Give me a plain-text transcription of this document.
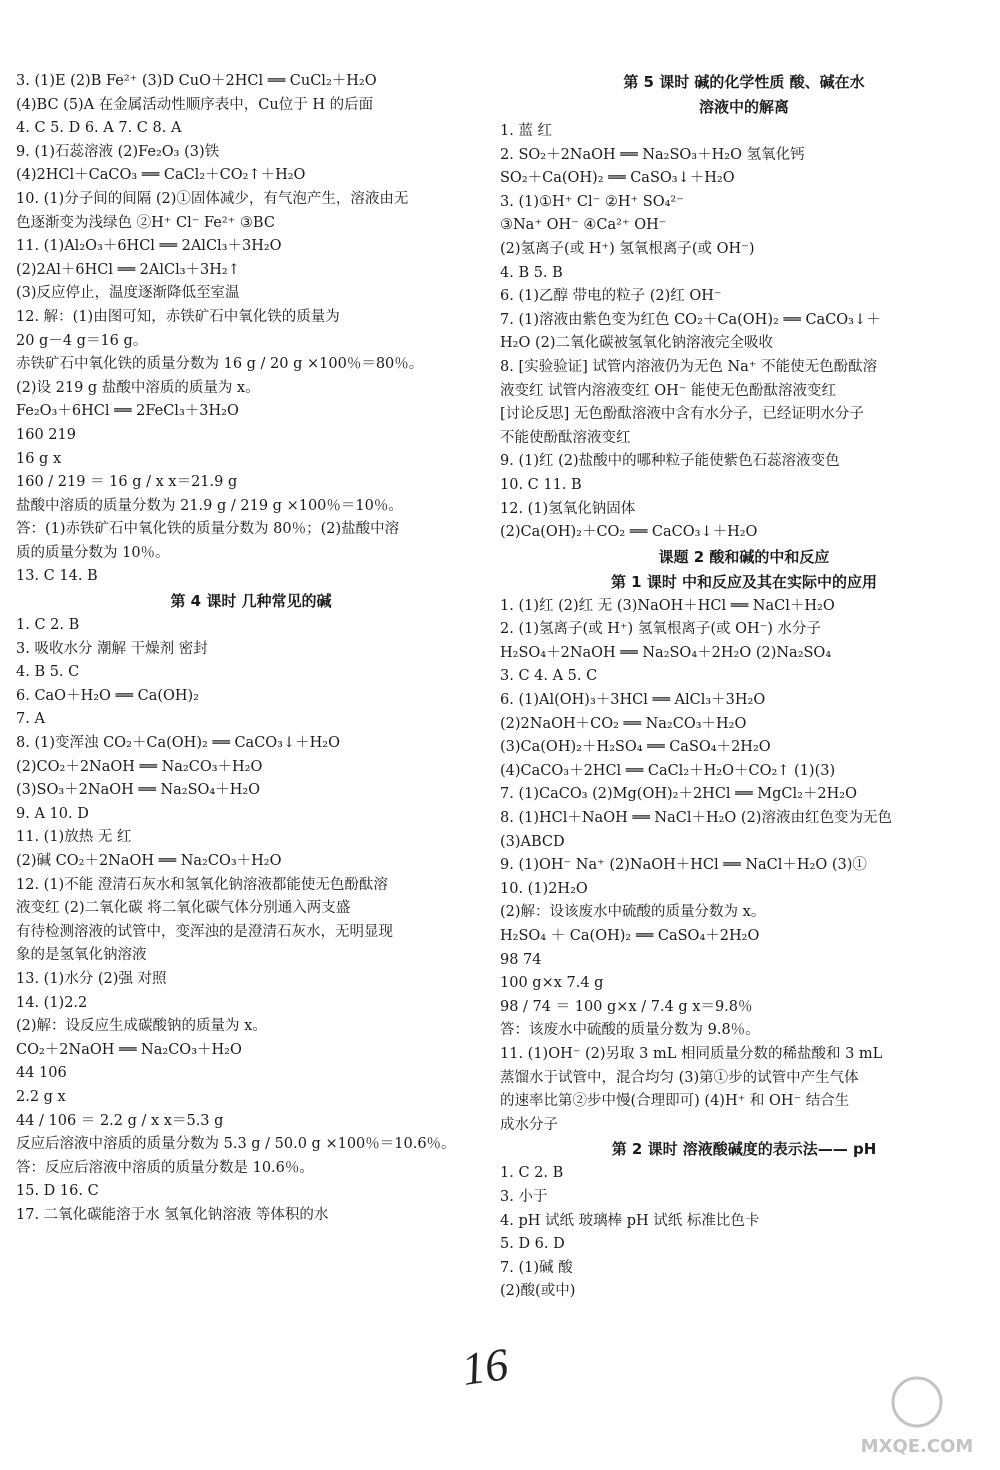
3. (1)E (2)B Fe²⁺ (3)D CuO＋2HCl ══ CuCl₂＋H₂O
(4)BC (5)A 在金属活动性顺序表中，Cu位于 H 的后面
4. C 5. D 6. A 7. C 8. A
9. (1)石蕊溶液 (2)Fe₂O₃ (3)铁
(4)2HCl＋CaCO₃ ══ CaCl₂＋CO₂↑＋H₂O
10. (1)分子间的间隔 (2)①固体减少，有气泡产生，溶液由无
色逐渐变为浅绿色 ②H⁺ Cl⁻ Fe²⁺ ③BC
11. (1)Al₂O₃＋6HCl ══ 2AlCl₃＋3H₂O
(2)2Al＋6HCl ══ 2AlCl₃＋3H₂↑
(3)反应停止，温度逐渐降低至室温
12. 解：(1)由图可知，赤铁矿石中氧化铁的质量为
20 g－4 g＝16 g。
赤铁矿石中氧化铁的质量分数为 16 g / 20 g ×100％＝80％。
(2)设 219 g 盐酸中溶质的质量为 x。
Fe₂O₃＋6HCl ══ 2FeCl₃＋3H₂O
160 219
16 g x
160 / 219 ＝ 16 g / x x＝21.9 g
盐酸中溶质的质量分数为 21.9 g / 219 g ×100％＝10％。
答：(1)赤铁矿石中氧化铁的质量分数为 80％；(2)盐酸中溶
质的质量分数为 10％。
13. C 14. B
第 4 课时 几种常见的碱
1. C 2. B
3. 吸收水分 潮解 干燥剂 密封
4. B 5. C
6. CaO＋H₂O ══ Ca(OH)₂
7. A
8. (1)变浑浊 CO₂＋Ca(OH)₂ ══ CaCO₃↓＋H₂O
(2)CO₂＋2NaOH ══ Na₂CO₃＋H₂O
(3)SO₃＋2NaOH ══ Na₂SO₄＋H₂O
9. A 10. D
11. (1)放热 无 红
(2)碱 CO₂＋2NaOH ══ Na₂CO₃＋H₂O
12. (1)不能 澄清石灰水和氢氧化钠溶液都能使无色酚酞溶
液变红 (2)二氧化碳 将二氧化碳气体分别通入两支盛
有待检测溶液的试管中，变浑浊的是澄清石灰水，无明显现
象的是氢氧化钠溶液
13. (1)水分 (2)强 对照
14. (1)2.2
(2)解：设反应生成碳酸钠的质量为 x。
CO₂＋2NaOH ══ Na₂CO₃＋H₂O
44 106
2.2 g x
44 / 106 ＝ 2.2 g / x x＝5.3 g
反应后溶液中溶质的质量分数为 5.3 g / 50.0 g ×100％＝10.6％。
答：反应后溶液中溶质的质量分数是 10.6％。
15. D 16. C
17. 二氧化碳能溶于水 氢氧化钠溶液 等体积的水
第 5 课时 碱的化学性质 酸、碱在水
溶液中的解离
1. 蓝 红
2. SO₂＋2NaOH ══ Na₂SO₃＋H₂O 氢氧化钙
SO₂＋Ca(OH)₂ ══ CaSO₃↓＋H₂O
3. (1)①H⁺ Cl⁻ ②H⁺ SO₄²⁻
③Na⁺ OH⁻ ④Ca²⁺ OH⁻
(2)氢离子(或 H⁺) 氢氧根离子(或 OH⁻)
4. B 5. B
6. (1)乙醇 带电的粒子 (2)红 OH⁻
7. (1)溶液由紫色变为红色 CO₂＋Ca(OH)₂ ══ CaCO₃↓＋
H₂O (2)二氧化碳被氢氧化钠溶液完全吸收
8. [实验验证] 试管内溶液仍为无色 Na⁺ 不能使无色酚酞溶
液变红 试管内溶液变红 OH⁻ 能使无色酚酞溶液变红
[讨论反思] 无色酚酞溶液中含有水分子，已经证明水分子
不能使酚酞溶液变红
9. (1)红 (2)盐酸中的哪种粒子能使紫色石蕊溶液变色
10. C 11. B
12. (1)氢氧化钠固体
(2)Ca(OH)₂＋CO₂ ══ CaCO₃↓＋H₂O
课题 2 酸和碱的中和反应
第 1 课时 中和反应及其在实际中的应用
1. (1)红 (2)红 无 (3)NaOH＋HCl ══ NaCl＋H₂O
2. (1)氢离子(或 H⁺) 氢氧根离子(或 OH⁻) 水分子
H₂SO₄＋2NaOH ══ Na₂SO₄＋2H₂O (2)Na₂SO₄
3. C 4. A 5. C
6. (1)Al(OH)₃＋3HCl ══ AlCl₃＋3H₂O
(2)2NaOH＋CO₂ ══ Na₂CO₃＋H₂O
(3)Ca(OH)₂＋H₂SO₄ ══ CaSO₄＋2H₂O
(4)CaCO₃＋2HCl ══ CaCl₂＋H₂O＋CO₂↑ (1)(3)
7. (1)CaCO₃ (2)Mg(OH)₂＋2HCl ══ MgCl₂＋2H₂O
8. (1)HCl＋NaOH ══ NaCl＋H₂O (2)溶液由红色变为无色
(3)ABCD
9. (1)OH⁻ Na⁺ (2)NaOH＋HCl ══ NaCl＋H₂O (3)①
10. (1)2H₂O
(2)解：设该废水中硫酸的质量分数为 x。
H₂SO₄ ＋ Ca(OH)₂ ══ CaSO₄＋2H₂O
98 74
100 g×x 7.4 g
98 / 74 ＝ 100 g×x / 7.4 g x＝9.8％
答：该废水中硫酸的质量分数为 9.8％。
11. (1)OH⁻ (2)另取 3 mL 相同质量分数的稀盐酸和 3 mL
蒸馏水于试管中，混合均匀 (3)第①步的试管中产生气体
的速率比第②步中慢(合理即可) (4)H⁺ 和 OH⁻ 结合生
成水分子
第 2 课时 溶液酸碱度的表示法—— pH
1. C 2. B
3. 小于
4. pH 试纸 玻璃棒 pH 试纸 标准比色卡
5. D 6. D
7. (1)碱 酸
(2)酸(或中)
16
MXQE.COM
